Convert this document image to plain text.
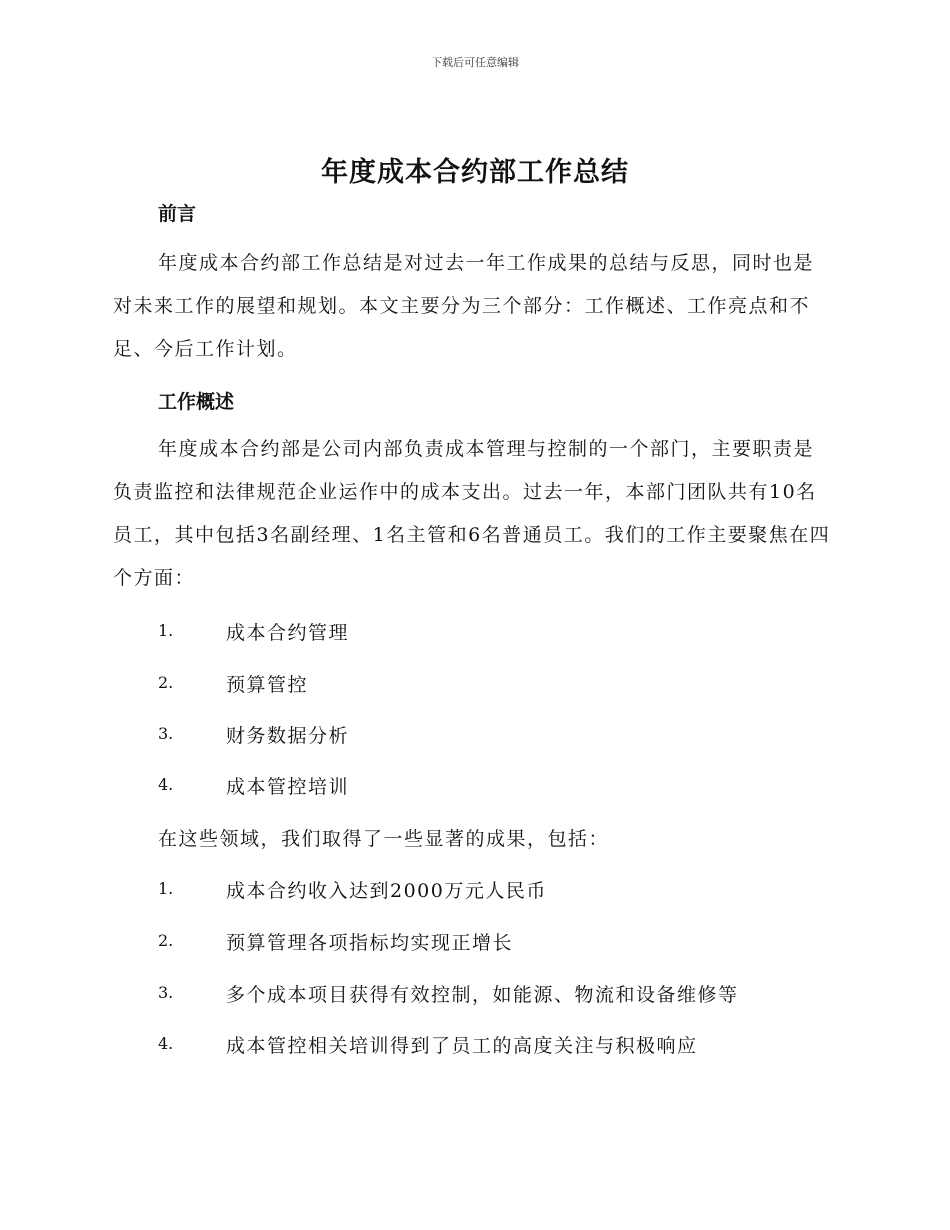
下载后可任意编辑
年度成本合约部工作总结
前言

年度成本合约部工作总结是对过去一年工作成果的总结与反思，同时也是对未来工作的展望和规划。本文主要分为三个部分：工作概述、工作亮点和不足、今后工作计划。

工作概述

年度成本合约部是公司内部负责成本管理与控制的一个部门，主要职责是负责监控和法律规范企业运作中的成本支出。过去一年，本部门团队共有10名员工，其中包括3名副经理、1名主管和6名普通员工。我们的工作主要聚焦在四个方面：

1.	成本合约管理
2.	预算管控
3.	财务数据分析
4.	成本管控培训
在这些领域，我们取得了一些显著的成果，包括：
1.	成本合约收入达到2000万元人民币
2.	预算管理各项指标均实现正增长
3.	多个成本项目获得有效控制，如能源、物流和设备维修等
4.	成本管控相关培训得到了员工的高度关注与积极响应
